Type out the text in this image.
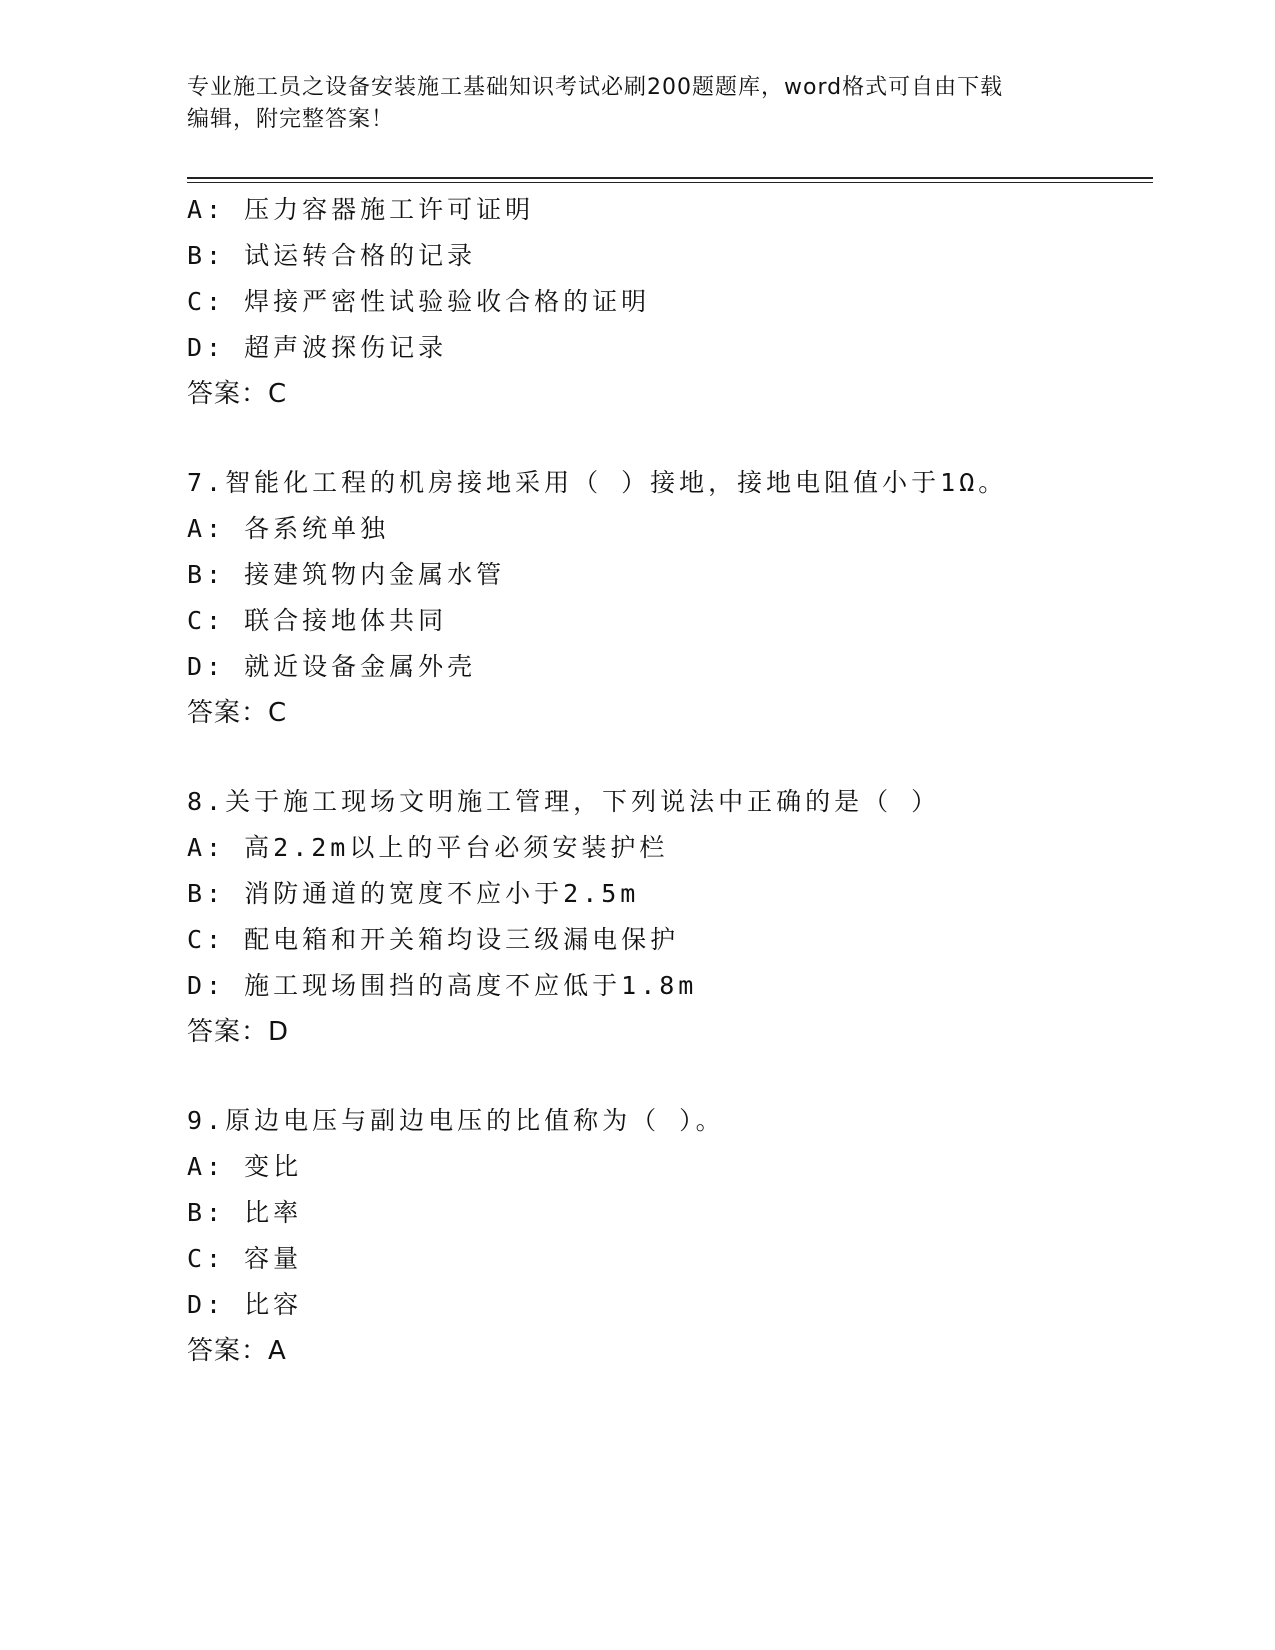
专业施工员之设备安装施工基础知识考试必刷200题题库，word格式可自由下载
编辑，附完整答案！
A: 压力容器施工许可证明
B: 试运转合格的记录
C: 焊接严密性试验验收合格的证明
D: 超声波探伤记录
答案：C
7.智能化工程的机房接地采用（ ）接地，接地电阻值小于1Ω。
A: 各系统单独
B: 接建筑物内金属水管
C: 联合接地体共同
D: 就近设备金属外壳
答案：C
8.关于施工现场文明施工管理，下列说法中正确的是（ ）
A: 高2.2m以上的平台必须安装护栏
B: 消防通道的宽度不应小于2.5m
C: 配电箱和开关箱均设三级漏电保护
D: 施工现场围挡的高度不应低于1.8m
答案：D
9.原边电压与副边电压的比值称为（ ）。
A: 变比
B: 比率
C: 容量
D: 比容
答案：A
